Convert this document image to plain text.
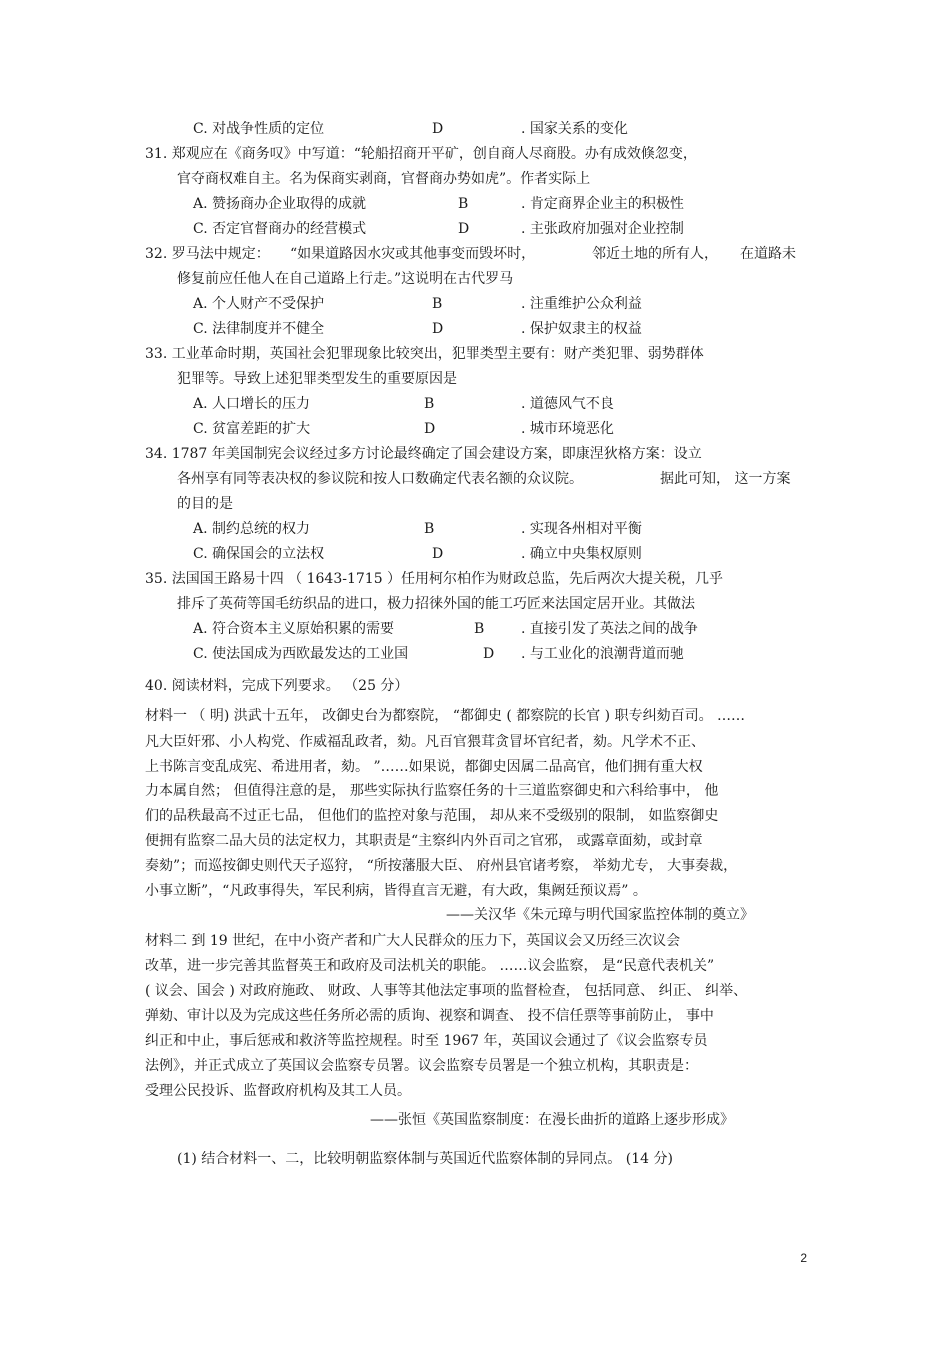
C. 对战争性质的定位	D	. 国家关系的变化
31. 郑观应在《商务叹》中写道：“轮船招商开平矿，创自商人尽商股。办有成效倏忽变，
官夺商权难自主。名为保商实剥商，官督商办势如虎”。作者实际上
A. 赞扬商办企业取得的成就	B	. 肯定商界企业主的积极性
C. 否定官督商办的经营模式	D	. 主张政府加强对企业控制
32. 罗马法中规定： “如果道路因水灾或其他事变而毁坏时，	邻近土地的所有人， 在道路未
修复前应任他人在自己道路上行走。”这说明在古代罗马
A. 个人财产不受保护	B	. 注重维护公众利益
C. 法律制度并不健全	D	. 保护奴隶主的权益
33. 工业革命时期，英国社会犯罪现象比较突出，犯罪类型主要有：财产类犯罪、弱势群体
犯罪等。导致上述犯罪类型发生的重要原因是
A. 人口增长的压力	B	. 道德风气不良
C. 贫富差距的扩大	D	. 城市环境恶化
34. 1787 年美国制宪会议经过多方讨论最终确定了国会建设方案，即康涅狄格方案：设立
各州享有同等表决权的参议院和按人口数确定代表名额的众议院。	据此可知， 这一方案
的目的是
A. 制约总统的权力	B	. 实现各州相对平衡
C. 确保国会的立法权	D	. 确立中央集权原则
35. 法国国王路易十四 （ 1643-1715 ）任用柯尔柏作为财政总监，先后两次大提关税，几乎
排斥了英荷等国毛纺织品的进口，极力招徕外国的能工巧匠来法国定居开业。其做法
A. 符合资本主义原始积累的需要	B	. 直接引发了英法之间的战争
C. 使法国成为西欧最发达的工业国	D . 与工业化的浪潮背道而驰
40. 阅读材料，完成下列要求。 （25 分）
材料一 （ 明) 洪武十五年， 改御史台为都察院， “都御史 ( 都察院的长官 ) 职专纠劾百司。 ……
凡大臣奸邪、小人构党、作威福乱政者，劾。凡百官猥茸贪冒坏官纪者，劾。凡学术不正、
上书陈言变乱成宪、希进用者，劾。 ”……如果说，都御史因属二品高官，他们拥有重大权
力本属自然； 但值得注意的是， 那些实际执行监察任务的十三道监察御史和六科给事中， 他
们的品秩最高不过正七品， 但他们的监控对象与范围， 却从来不受级别的限制， 如监察御史
便拥有监察二品大员的法定权力，其职责是“主察纠内外百司之官邪， 或露章面劾，或封章
奏劾”；而巡按御史则代天子巡狩， “所按藩服大臣、 府州县官诸考察， 举劾尤专， 大事奏裁，
小事立断”，“凡政事得失，军民利病，皆得直言无避，有大政，集阙廷预议焉” 。
——关汉华《朱元璋与明代国家监控体制的奠立》
材料二 到 19 世纪，在中小资产者和广大人民群众的压力下，英国议会又历经三次议会
改革，进一步完善其监督英王和政府及司法机关的职能。 ……议会监察， 是“民意代表机关”
( 议会、国会 ) 对政府施政、 财政、人事等其他法定事项的监督检查， 包括同意、 纠正、 纠举、
弹劾、审计以及为完成这些任务所必需的质询、视察和调查、 投不信任票等事前防止， 事中
纠正和中止，事后惩戒和救济等监控规程。时至 1967 年，英国议会通过了《议会监察专员
法例》，并正式成立了英国议会监察专员署。议会监察专员署是一个独立机构，其职责是：
受理公民投诉、监督政府机构及其工人员。
——张恒《英国监察制度：在漫长曲折的道路上逐步形成》
(1) 结合材料一、二，比较明朝监察体制与英国近代监察体制的异同点。 (14 分)
2
